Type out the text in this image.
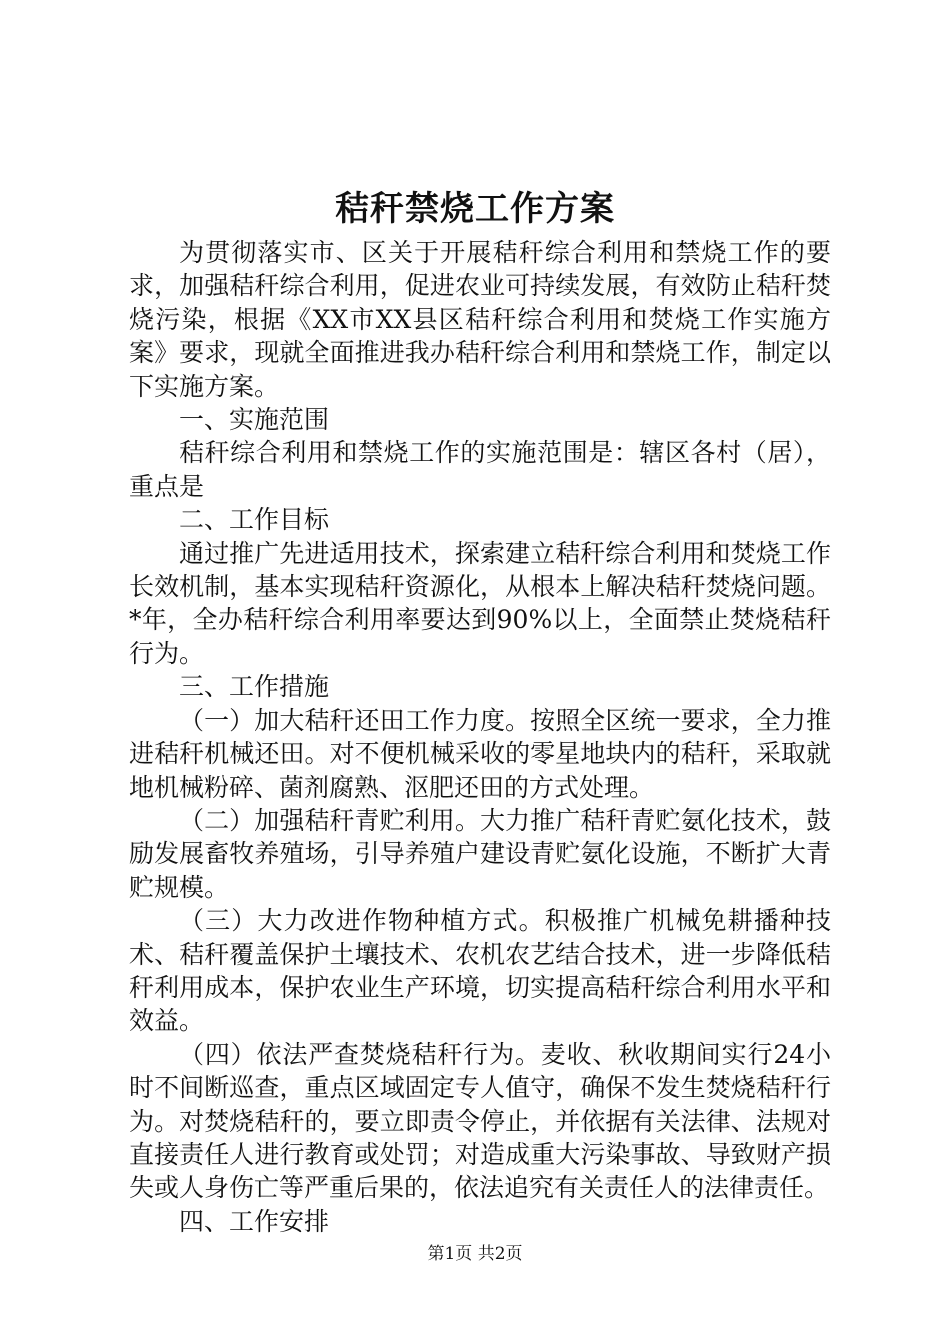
秸秆禁烧工作方案

为贯彻落实市、区关于开展秸秆综合利用和禁烧工作的要求，加强秸秆综合利用，促进农业可持续发展，有效防止秸秆焚烧污染，根据《XX市XX县区秸秆综合利用和焚烧工作实施方案》要求，现就全面推进我办秸秆综合利用和禁烧工作，制定以下实施方案。

一、实施范围

秸秆综合利用和禁烧工作的实施范围是：辖区各村（居），重点是

二、工作目标

通过推广先进适用技术，探索建立秸秆综合利用和焚烧工作长效机制，基本实现秸秆资源化，从根本上解决秸秆焚烧问题。*年，全办秸秆综合利用率要达到90%以上，全面禁止焚烧秸秆行为。

三、工作措施

（一）加大秸秆还田工作力度。按照全区统一要求，全力推进秸秆机械还田。对不便机械采收的零星地块内的秸秆，采取就地机械粉碎、菌剂腐熟、沤肥还田的方式处理。

（二）加强秸秆青贮利用。大力推广秸秆青贮氨化技术，鼓励发展畜牧养殖场，引导养殖户建设青贮氨化设施，不断扩大青贮规模。

（三）大力改进作物种植方式。积极推广机械免耕播种技术、秸秆覆盖保护土壤技术、农机农艺结合技术，进一步降低秸秆利用成本，保护农业生产环境，切实提高秸秆综合利用水平和效益。

（四）依法严查焚烧秸秆行为。麦收、秋收期间实行24小时不间断巡查，重点区域固定专人值守，确保不发生焚烧秸秆行为。对焚烧秸秆的，要立即责令停止，并依据有关法律、法规对直接责任人进行教育或处罚；对造成重大污染事故、导致财产损失或人身伤亡等严重后果的，依法追究有关责任人的法律责任。

四、工作安排

第1页 共2页
